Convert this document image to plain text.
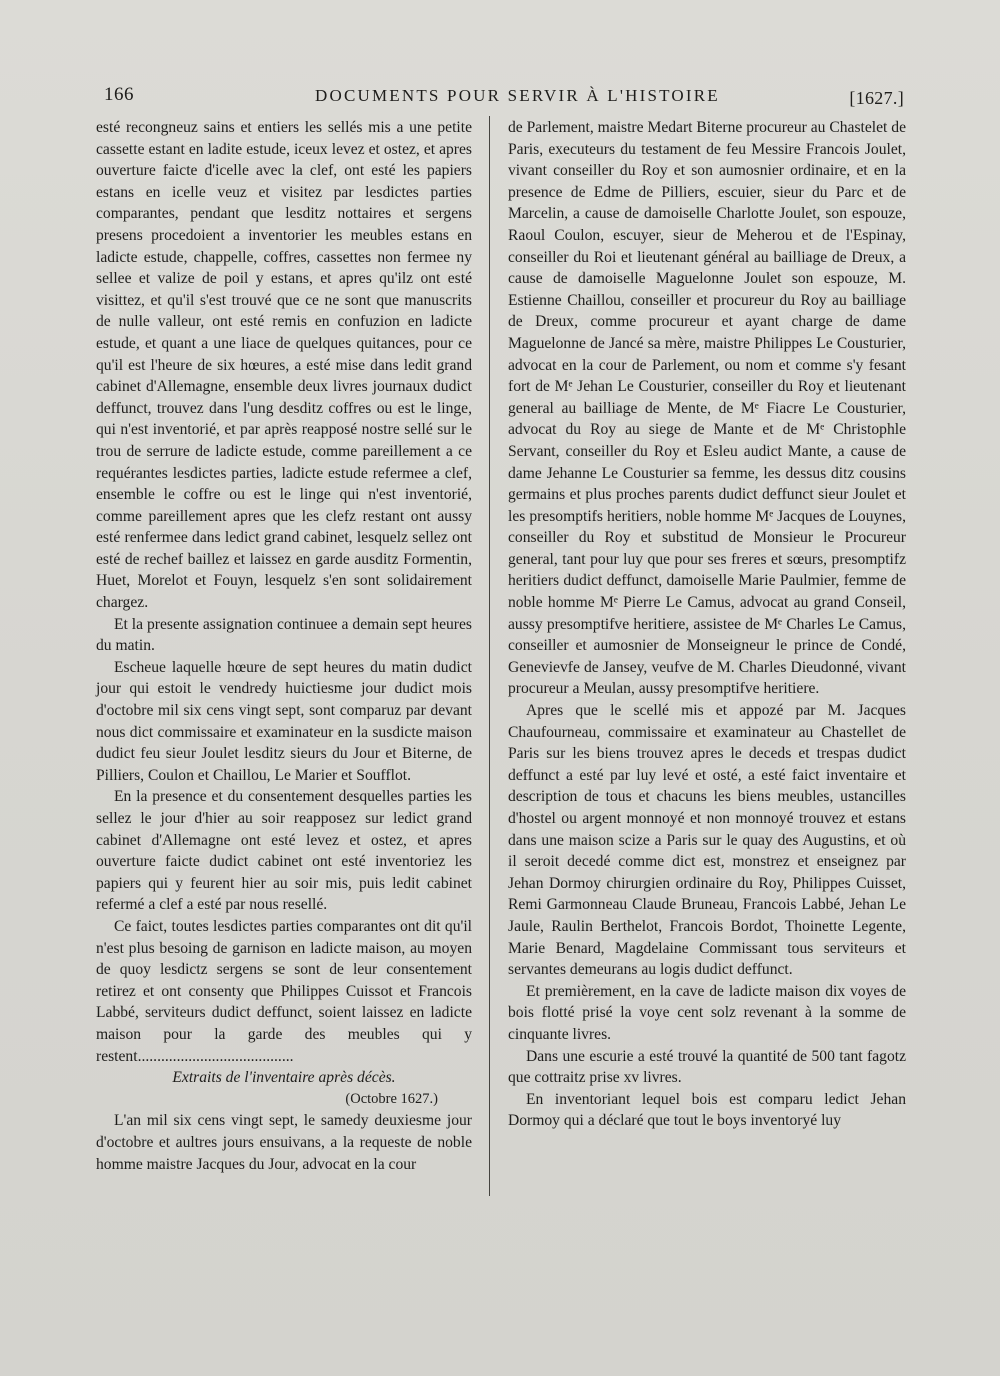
166	DOCUMENTS POUR SERVIR À L'HISTOIRE	[1627.]

esté recongneuz sains et entiers les sellés mis a une petite cassette estant en ladite estude, iceux levez et ostez, et apres ouverture faicte d'icelle avec la clef, ont esté les papiers estans en icelle veuz et visitez par lesdictes parties comparantes, pendant que lesditz nottaires et sergens presens procedoient a inventorier les meubles estans en ladicte estude, chappelle, coffres, cassettes non fermee ny sellee et valize de poil y estans, et apres qu'ilz ont esté visittez, et qu'il s'est trouvé que ce ne sont que manuscrits de nulle valleur, ont esté remis en confuzion en ladicte estude, et quant a une liace de quelques quitances, pour ce qu'il est l'heure de six hœures, a esté mise dans ledit grand cabinet d'Allemagne, ensemble deux livres journaux dudict deffunct, trouvez dans l'ung desditz coffres ou est le linge, qui n'est inventorié, et par après reapposé nostre sellé sur le trou de serrure de ladicte estude, comme pareillement a ce requérantes lesdictes parties, ladicte estude refermee a clef, ensemble le coffre ou est le linge qui n'est inventorié, comme pareillement apres que les clefz restant ont aussy esté renfermee dans ledict grand cabinet, lesquelz sellez ont esté de rechef baillez et laissez en garde ausditz Formentin, Huet, Morelot et Fouyn, lesquelz s'en sont solidairement chargez.

Et la presente assignation continuee a demain sept heures du matin.

Escheue laquelle hœure de sept heures du matin dudict jour qui estoit le vendredy huictiesme jour dudict mois d'octobre mil six cens vingt sept, sont comparuz par devant nous dict commissaire et examinateur en la susdicte maison dudict feu sieur Joulet lesditz sieurs du Jour et Biterne, de Pilliers, Coulon et Chaillou, Le Marier et Soufflot.

En la presence et du consentement desquelles parties les sellez le jour d'hier au soir reapposez sur ledict grand cabinet d'Allemagne ont esté levez et ostez, et apres ouverture faicte dudict cabinet ont esté inventoriez les papiers qui y feurent hier au soir mis, puis ledit cabinet refermé a clef a esté par nous resellé.

Ce faict, toutes lesdictes parties comparantes ont dit qu'il n'est plus besoing de garnison en ladicte maison, au moyen de quoy lesdictz sergens se sont de leur consentement retirez et ont consenty que Philippes Cuissot et Francois Labbé, serviteurs dudict deffunct, soient laissez en ladicte maison pour la garde des meubles qui y restent........................................

Extraits de l'inventaire après décès.

(Octobre 1627.)

L'an mil six cens vingt sept, le samedy deuxiesme jour d'octobre et aultres jours ensuivans, a la requeste de noble homme maistre Jacques du Jour, advocat en la cour

de Parlement, maistre Medart Biterne procureur au Chastelet de Paris, executeurs du testament de feu Messire Francois Joulet, vivant conseiller du Roy et son aumosnier ordinaire, et en la presence de Edme de Pilliers, escuier, sieur du Parc et de Marcelin, a cause de damoiselle Charlotte Joulet, son espouze, Raoul Coulon, escuyer, sieur de Meherou et de l'Espinay, conseiller du Roi et lieutenant général au bailliage de Dreux, a cause de damoiselle Maguelonne Joulet son espouze, M. Estienne Chaillou, conseiller et procureur du Roy au bailliage de Dreux, comme procureur et ayant charge de dame Maguelonne de Jancé sa mère, maistre Philippes Le Cousturier, advocat en la cour de Parlement, ou nom et comme s'y fesant fort de Mᵉ Jehan Le Cousturier, conseiller du Roy et lieutenant general au bailliage de Mente, de Mᵉ Fiacre Le Cousturier, advocat du Roy au siege de Mante et de Mᵉ Christophle Servant, conseiller du Roy et Esleu audict Mante, a cause de dame Jehanne Le Cousturier sa femme, les dessus ditz cousins germains et plus proches parents dudict deffunct sieur Joulet et les presomptifs heritiers, noble homme Mᵉ Jacques de Louynes, conseiller du Roy et substitud de Monsieur le Procureur general, tant pour luy que pour ses freres et sœurs, presomptifz heritiers dudict deffunct, damoiselle Marie Paulmier, femme de noble homme Mᵉ Pierre Le Camus, advocat au grand Conseil, aussy presomptifve heritiere, assistee de Mᵉ Charles Le Camus, conseiller et aumosnier de Monseigneur le prince de Condé, Genevievfe de Jansey, veufve de M. Charles Dieudonné, vivant procureur a Meulan, aussy presomptifve heritiere.

Apres que le scellé mis et appozé par M. Jacques Chaufourneau, commissaire et examinateur au Chastellet de Paris sur les biens trouvez apres le deceds et trespas dudict deffunct a esté par luy levé et osté, a esté faict inventaire et description de tous et chacuns les biens meubles, ustancilles d'hostel ou argent monnoyé et non monnoyé trouvez et estans dans une maison scize a Paris sur le quay des Augustins, et où il seroit decedé comme dict est, monstrez et enseignez par Jehan Dormoy chirurgien ordinaire du Roy, Philippes Cuisset, Remi Garmonneau Claude Bruneau, Francois Labbé, Jehan Le Jaule, Raulin Berthelot, Francois Bordot, Thoinette Legente, Marie Benard, Magdelaine Commissant tous serviteurs et servantes demeurans au logis dudict deffunct.

Et premièrement, en la cave de ladicte maison dix voyes de bois flotté prisé la voye cent solz revenant à la somme de cinquante livres.

Dans une escurie a esté trouvé la quantité de 500 tant fagotz que cottraitz prise xv livres.

En inventoriant lequel bois est comparu ledict Jehan Dormoy qui a déclaré que tout le boys inventoryé luy
